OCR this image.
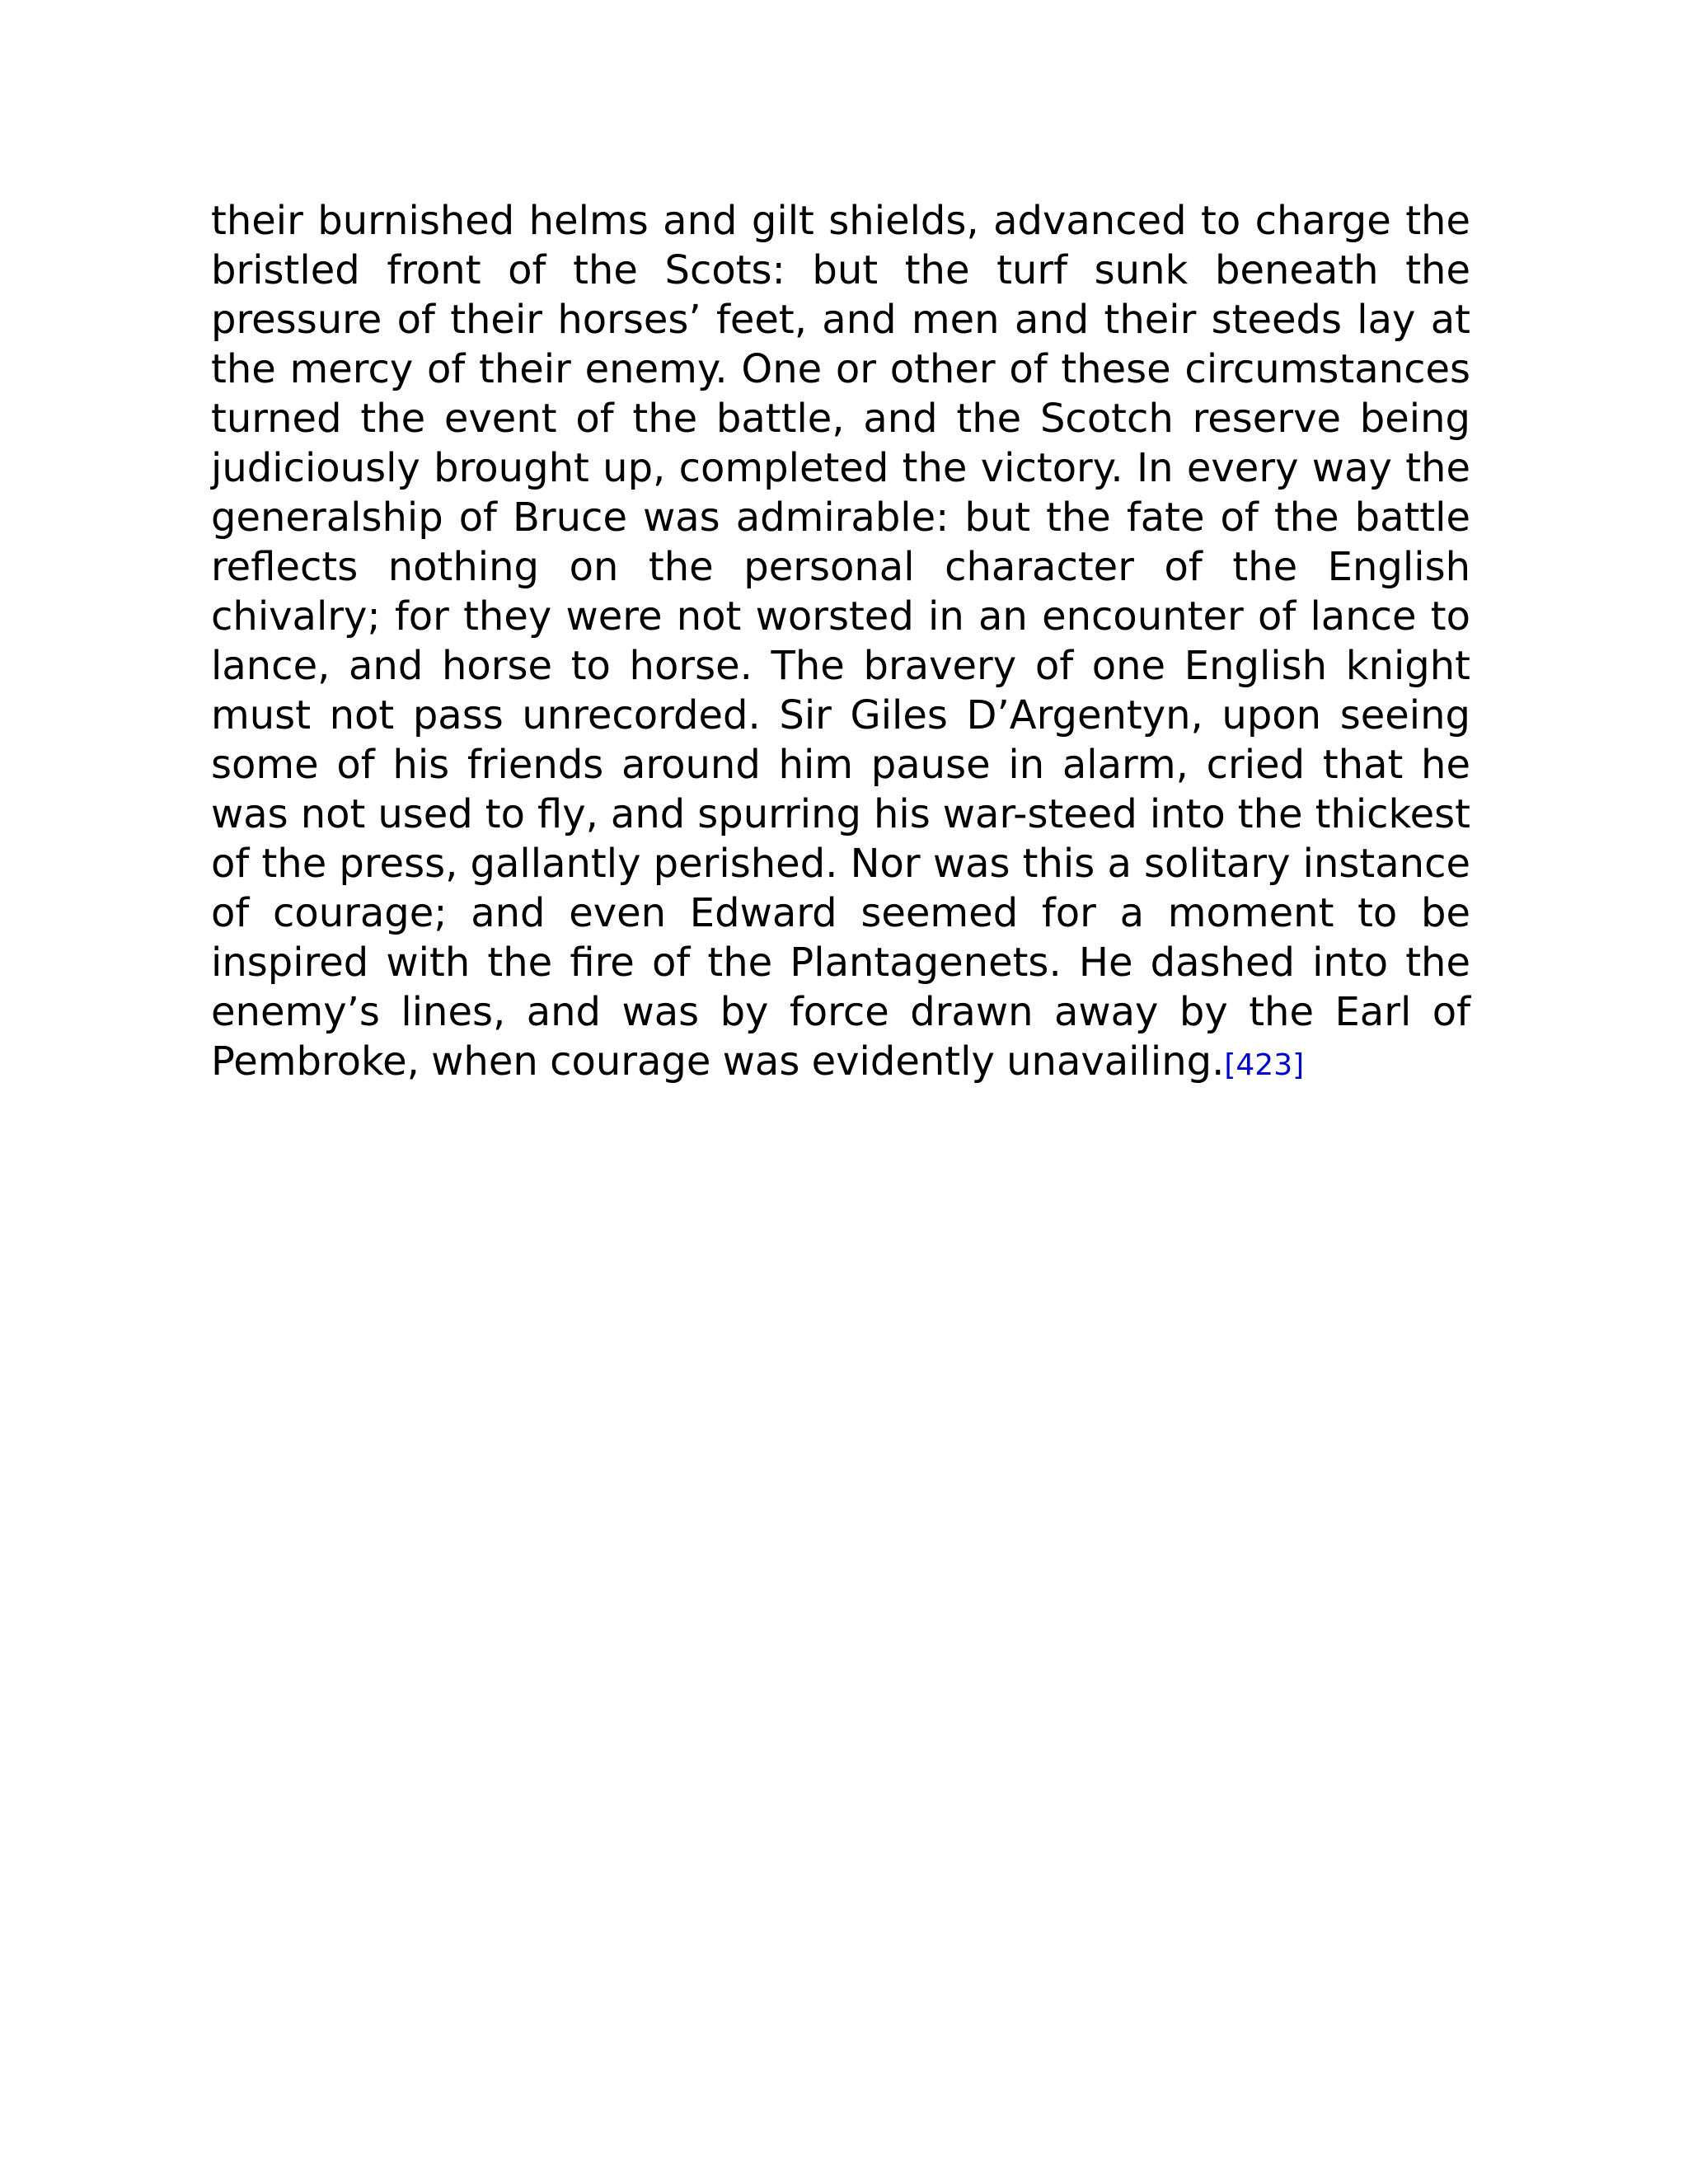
their burnished helms and gilt shields, advanced to charge the bristled front of the Scots: but the turf sunk beneath the pressure of their horses’ feet, and men and their steeds lay at the mercy of their enemy. One or other of these circumstances turned the event of the battle, and the Scotch reserve being judiciously brought up, completed the victory. In every way the generalship of Bruce was admirable: but the fate of the battle reflects nothing on the personal character of the English chivalry; for they were not worsted in an encounter of lance to lance, and horse to horse. The bravery of one English knight must not pass unrecorded. Sir Giles D’Argentyn, upon seeing some of his friends around him pause in alarm, cried that he was not used to fly, and spurring his war-steed into the thickest of the press, gallantly perished. Nor was this a solitary instance of courage; and even Edward seemed for a moment to be inspired with the fire of the Plantagenets. He dashed into the enemy’s lines, and was by force drawn away by the Earl of Pembroke, when courage was evidently unavailing.[423]
